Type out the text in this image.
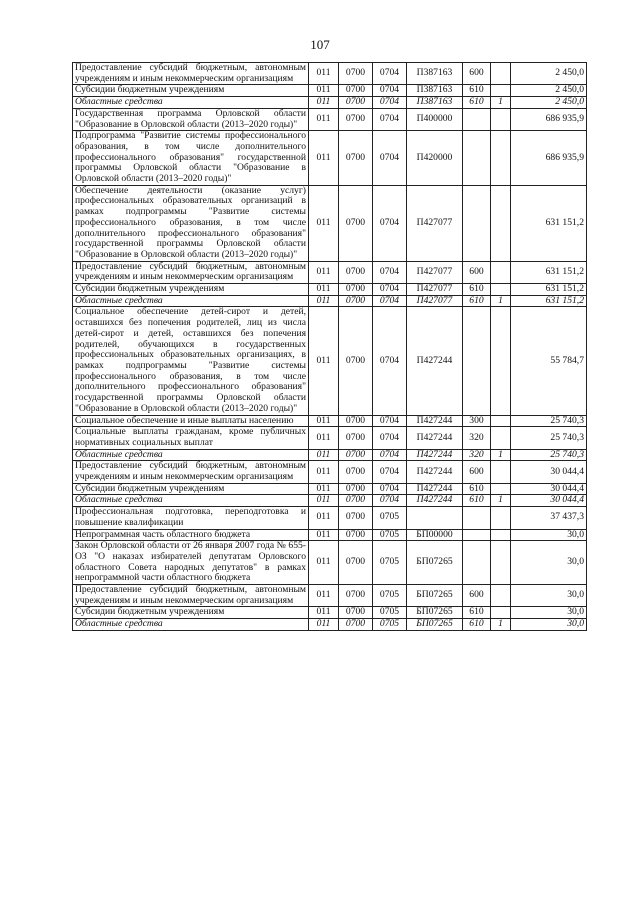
107
Предоставление субсидий бюджетным, автономным учреждениям и иным некоммерческим организациям	011	0700	0704	П387163	600		2 450,0
Субсидии бюджетным учреждениям	011	0700	0704	П387163	610		2 450,0
Областные средства	011	0700	0704	П387163	610	1	2 450,0
Государственная программа Орловской области "Образование в Орловской области (2013–2020 годы)"	011	0700	0704	П400000			686 935,9
Подпрограмма "Развитие системы профессионального образования, в том числе дополнительного профессионального образования" государственной программы Орловской области "Образование в Орловской области (2013–2020 годы)"	011	0700	0704	П420000			686 935,9
Обеспечение деятельности (оказание услуг) профессиональных образовательных организаций в рамках подпрограммы "Развитие системы профессионального образования, в том числе дополнительного профессионального образования" государственной программы Орловской области "Образование в Орловской области (2013–2020 годы)"	011	0700	0704	П427077			631 151,2
Предоставление субсидий бюджетным, автономным учреждениям и иным некоммерческим организациям	011	0700	0704	П427077	600		631 151,2
Субсидии бюджетным учреждениям	011	0700	0704	П427077	610		631 151,2
Областные средства	011	0700	0704	П427077	610	1	631 151,2
Социальное обеспечение детей-сирот и детей, оставшихся без попечения родителей, лиц из числа детей-сирот и детей, оставшихся без попечения родителей, обучающихся в государственных профессиональных образовательных организациях, в рамках подпрограммы "Развитие системы профессионального образования, в том числе дополнительного профессионального образования" государственной программы Орловской области "Образование в Орловской области (2013–2020 годы)"	011	0700	0704	П427244			55 784,7
Социальное обеспечение и иные выплаты населению	011	0700	0704	П427244	300		25 740,3
Социальные выплаты гражданам, кроме публичных нормативных социальных выплат	011	0700	0704	П427244	320		25 740,3
Областные средства	011	0700	0704	П427244	320	1	25 740,3
Предоставление субсидий бюджетным, автономным учреждениям и иным некоммерческим организациям	011	0700	0704	П427244	600		30 044,4
Субсидии бюджетным учреждениям	011	0700	0704	П427244	610		30 044,4
Областные средства	011	0700	0704	П427244	610	1	30 044,4
Профессиональная подготовка, переподготовка и повышение квалификации	011	0700	0705				37 437,3
Непрограммная часть областного бюджета	011	0700	0705	БП00000			30,0
Закон Орловской области от 26 января 2007 года № 655-ОЗ "О наказах избирателей депутатам Орловского областного Совета народных депутатов" в рамках непрограммной части областного бюджета	011	0700	0705	БП07265			30,0
Предоставление субсидий бюджетным, автономным учреждениям и иным некоммерческим организациям	011	0700	0705	БП07265	600		30,0
Субсидии бюджетным учреждениям	011	0700	0705	БП07265	610		30,0
Областные средства	011	0700	0705	БП07265	610	1	30,0
